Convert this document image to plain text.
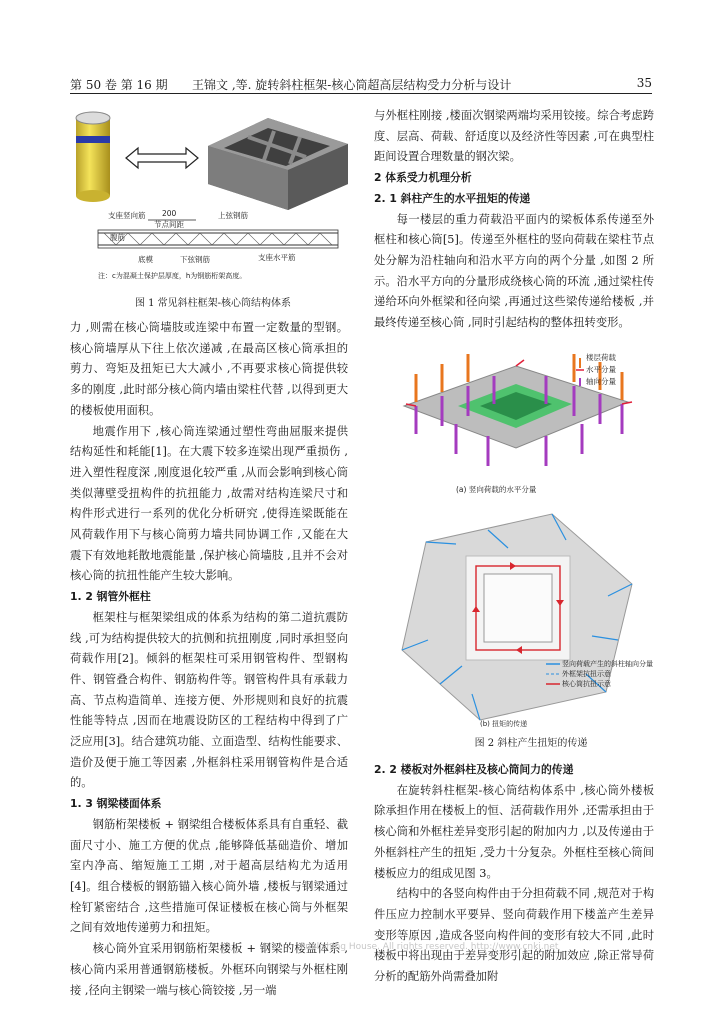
第 50 卷 第 16 期 王锦文 ,等. 旋转斜柱框架-核心筒超高层结构受力分析与设计	35
支座竖向筋 200
节点间距
上弦钢筋
腹筋
底模	下弦钢筋	支座水平筋
注：c为混凝土保护层厚度，h为钢筋桁架高度。
图 1 常见斜柱框架-核心筒结构体系

力 ,则需在核心筒墙肢或连梁中布置一定数量的型钢。核心筒墙厚从下往上依次递减 ,在最高区核心筒承担的剪力、弯矩及扭矩已大大减小 ,不再要求核心筒提供较多的刚度 ,此时部分核心筒内墙由梁柱代替 ,以得到更大的楼板使用面积。

地震作用下 ,核心筒连梁通过塑性弯曲屈服来提供结构延性和耗能[1]。在大震下较多连梁出现严重损伤 ,进入塑性程度深 ,刚度退化较严重 ,从而会影响到核心筒类似薄壁受扭构件的抗扭能力 ,故需对结构连梁尺寸和构件形式进行一系列的优化分析研究 ,使得连梁既能在风荷载作用下与核心筒剪力墙共同协调工作 ,又能在大震下有效地耗散地震能量 ,保护核心筒墙肢 ,且并不会对核心筒的抗扭性能产生较大影响。

1. 2 钢管外框柱

框架柱与框架梁组成的体系为结构的第二道抗震防线 ,可为结构提供较大的抗侧和抗扭刚度 ,同时承担竖向荷载作用[2]。倾斜的框架柱可采用钢管构件、型钢构件、钢管叠合构件、钢筋构件等。钢管构件具有承载力高、节点构造简单、连接方便、外形规则和良好的抗震性能等特点 ,因而在地震设防区的工程结构中得到了广泛应用[3]。结合建筑功能、立面造型、结构性能要求、造价及便于施工等因素 ,外框斜柱采用钢管构件是合适的。

1. 3 钢梁楼面体系

钢筋桁架楼板 + 钢梁组合楼板体系具有自重轻、截面尺寸小、施工方便的优点 ,能够降低基础造价、增加室内净高、缩短施工工期 ,对于超高层结构尤为适用[4]。组合楼板的钢筋锚入核心筒外墙 ,楼板与钢梁通过栓钉紧密结合 ,这些措施可保证楼板在核心筒与外框架之间有效地传递剪力和扭矩。

核心筒外宜采用钢筋桁架楼板 + 钢梁的楼盖体系 ,核心筒内采用普通钢筋楼板。外框环向钢梁与外框柱刚接 ,径向主钢梁一端与核心筒铰接 ,另一端

与外框柱刚接 ,楼面次钢梁两端均采用铰接。综合考虑跨度、层高、荷载、舒适度以及经济性等因素 ,可在典型柱距间设置合理数量的钢次梁。

2 体系受力机理分析
2. 1 斜柱产生的水平扭矩的传递

每一楼层的重力荷载沿平面内的梁板体系传递至外框柱和核心筒[5]。传递至外框柱的竖向荷载在梁柱节点处分解为沿柱轴向和沿水平方向的两个分量 ,如图 2 所示。沿水平方向的分量形成绕核心筒的环流 ,通过梁柱传递给环向外框梁和径向梁 ,再通过这些梁传递给楼板 ,并最终传递至核心筒 ,同时引起结构的整体扭转变形。

楼层荷载
水平分量
轴向分量
(a) 竖向荷载的水平分量
竖向荷载产生的斜柱轴向分量
外框架抗扭示意
核心筒抗扭示意
(b) 扭矩的传递
图 2 斜柱产生扭矩的传递
2. 2 楼板对外框斜柱及核心筒间力的传递

在旋转斜柱框架-核心筒结构体系中 ,核心筒外楼板除承担作用在楼板上的恒、活荷载作用外 ,还需承担由于核心筒和外框柱差异变形引起的附加内力 ,以及传递由于外框斜柱产生的扭矩 ,受力十分复杂。外框柱至核心筒间楼板应力的组成见图 3。

结构中的各竖向构件由于分担荷载不同 ,规范对于构件压应力控制水平要异、竖向荷载作用下楼盖产生差异变形等原因 ,造成各竖向构件间的变形有较大不同 ,此时楼板中将出现由于差异变形引起的附加效应 ,除正常导荷分析的配筋外尚需叠加附

Publishing House. All rights reserved. http://www.cnki.net
